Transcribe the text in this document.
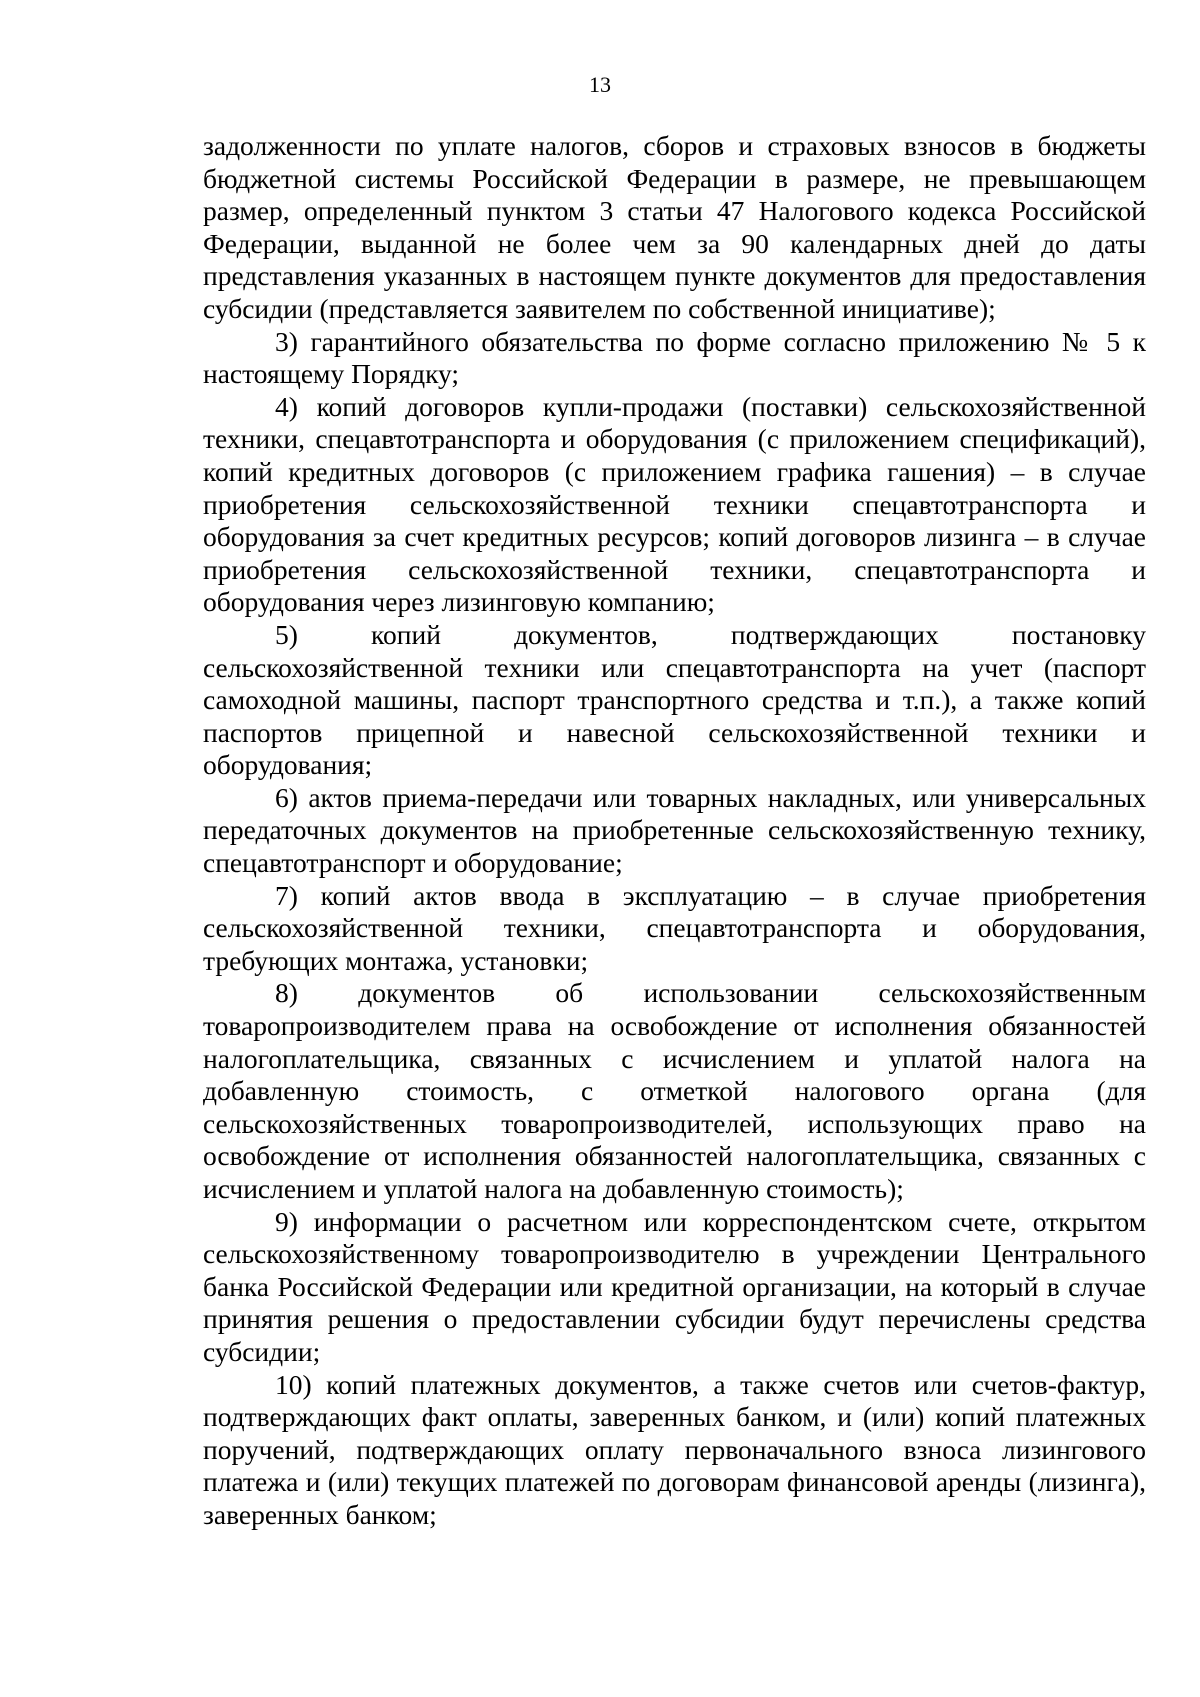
13

задолженности по уплате налогов, сборов и страховых взносов в бюджеты бюджетной системы Российской Федерации в размере, не превышающем размер, определенный пунктом 3 статьи 47 Налогового кодекса Российской Федерации, выданной не более чем за 90 календарных дней до даты представления указанных в настоящем пункте документов для предоставления субсидии (представляется заявителем по собственной инициативе);

3) гарантийного обязательства по форме согласно приложению № 5 к настоящему Порядку;

4) копий договоров купли-продажи (поставки) сельскохозяйственной техники, спецавтотранспорта и оборудования (с приложением спецификаций), копий кредитных договоров (с приложением графика гашения) – в случае приобретения сельскохозяйственной техники спецавтотранспорта и оборудования за счет кредитных ресурсов; копий договоров лизинга – в случае приобретения сельскохозяйственной техники, спецавтотранспорта и оборудования через лизинговую компанию;

5) копий документов, подтверждающих постановку сельскохозяйственной техники или спецавтотранспорта на учет (паспорт самоходной машины, паспорт транспортного средства и т.п.), а также копий паспортов прицепной и навесной сельскохозяйственной техники и оборудования;

6) актов приема-передачи или товарных накладных, или универсальных передаточных документов на приобретенные сельскохозяйственную технику, спецавтотранспорт и оборудование;

7) копий актов ввода в эксплуатацию – в случае приобретения сельскохозяйственной техники, спецавтотранспорта и оборудования, требующих монтажа, установки;

8) документов об использовании сельскохозяйственным товаропроизводителем права на освобождение от исполнения обязанностей налогоплательщика, связанных с исчислением и уплатой налога на добавленную стоимость, с отметкой налогового органа (для сельскохозяйственных товаропроизводителей, использующих право на освобождение от исполнения обязанностей налогоплательщика, связанных с исчислением и уплатой налога на добавленную стоимость);

9) информации о расчетном или корреспондентском счете, открытом сельскохозяйственному товаропроизводителю в учреждении Центрального банка Российской Федерации или кредитной организации, на который в случае принятия решения о предоставлении субсидии будут перечислены средства субсидии;

10) копий платежных документов, а также счетов или счетов-фактур, подтверждающих факт оплаты, заверенных банком, и (или) копий платежных поручений, подтверждающих оплату первоначального взноса лизингового платежа и (или) текущих платежей по договорам финансовой аренды (лизинга), заверенных банком;
